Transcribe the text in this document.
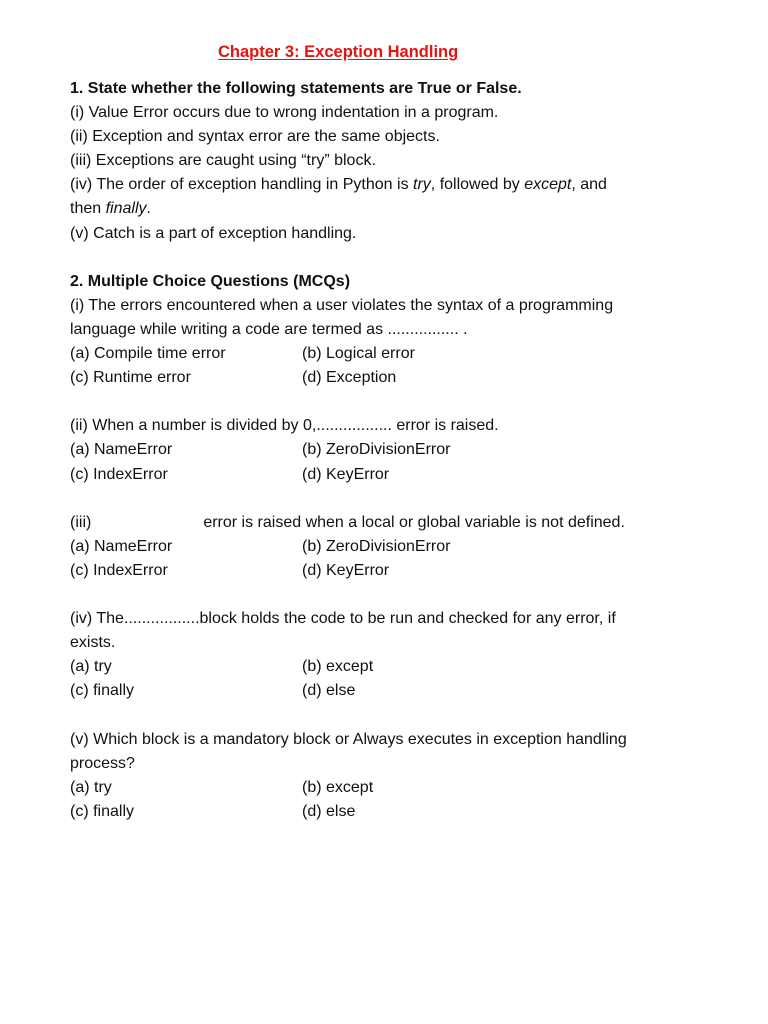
Chapter 3: Exception Handling
1. State whether the following statements are True or False.
(i) Value Error occurs due to wrong indentation in a program.
(ii) Exception and syntax error are the same objects.
(iii) Exceptions are caught using “try” block.
(iv) The order of exception handling in Python is try, followed by except, and
then finally.
(v) Catch is a part of exception handling.
2. Multiple Choice Questions (MCQs)
(i) The errors encountered when a user violates the syntax of a programming
language while writing a code are termed as ................ .
(a) Compile time error	(b) Logical error
(c) Runtime error	(d) Exception
(ii) When a number is divided by 0,................. error is raised.
(a) NameError	(b) ZeroDivisionError
(c) IndexError	(d) KeyError
(iii)	error is raised when a local or global variable is not defined.
(a) NameError	(b) ZeroDivisionError
(c) IndexError	(d) KeyError
(iv) The.................block holds the code to be run and checked for any error, if
exists.
(a) try	(b) except
(c) finally	(d) else
(v) Which block is a mandatory block or Always executes in exception handling
process?
(a) try	(b) except
(c) finally	(d) else
